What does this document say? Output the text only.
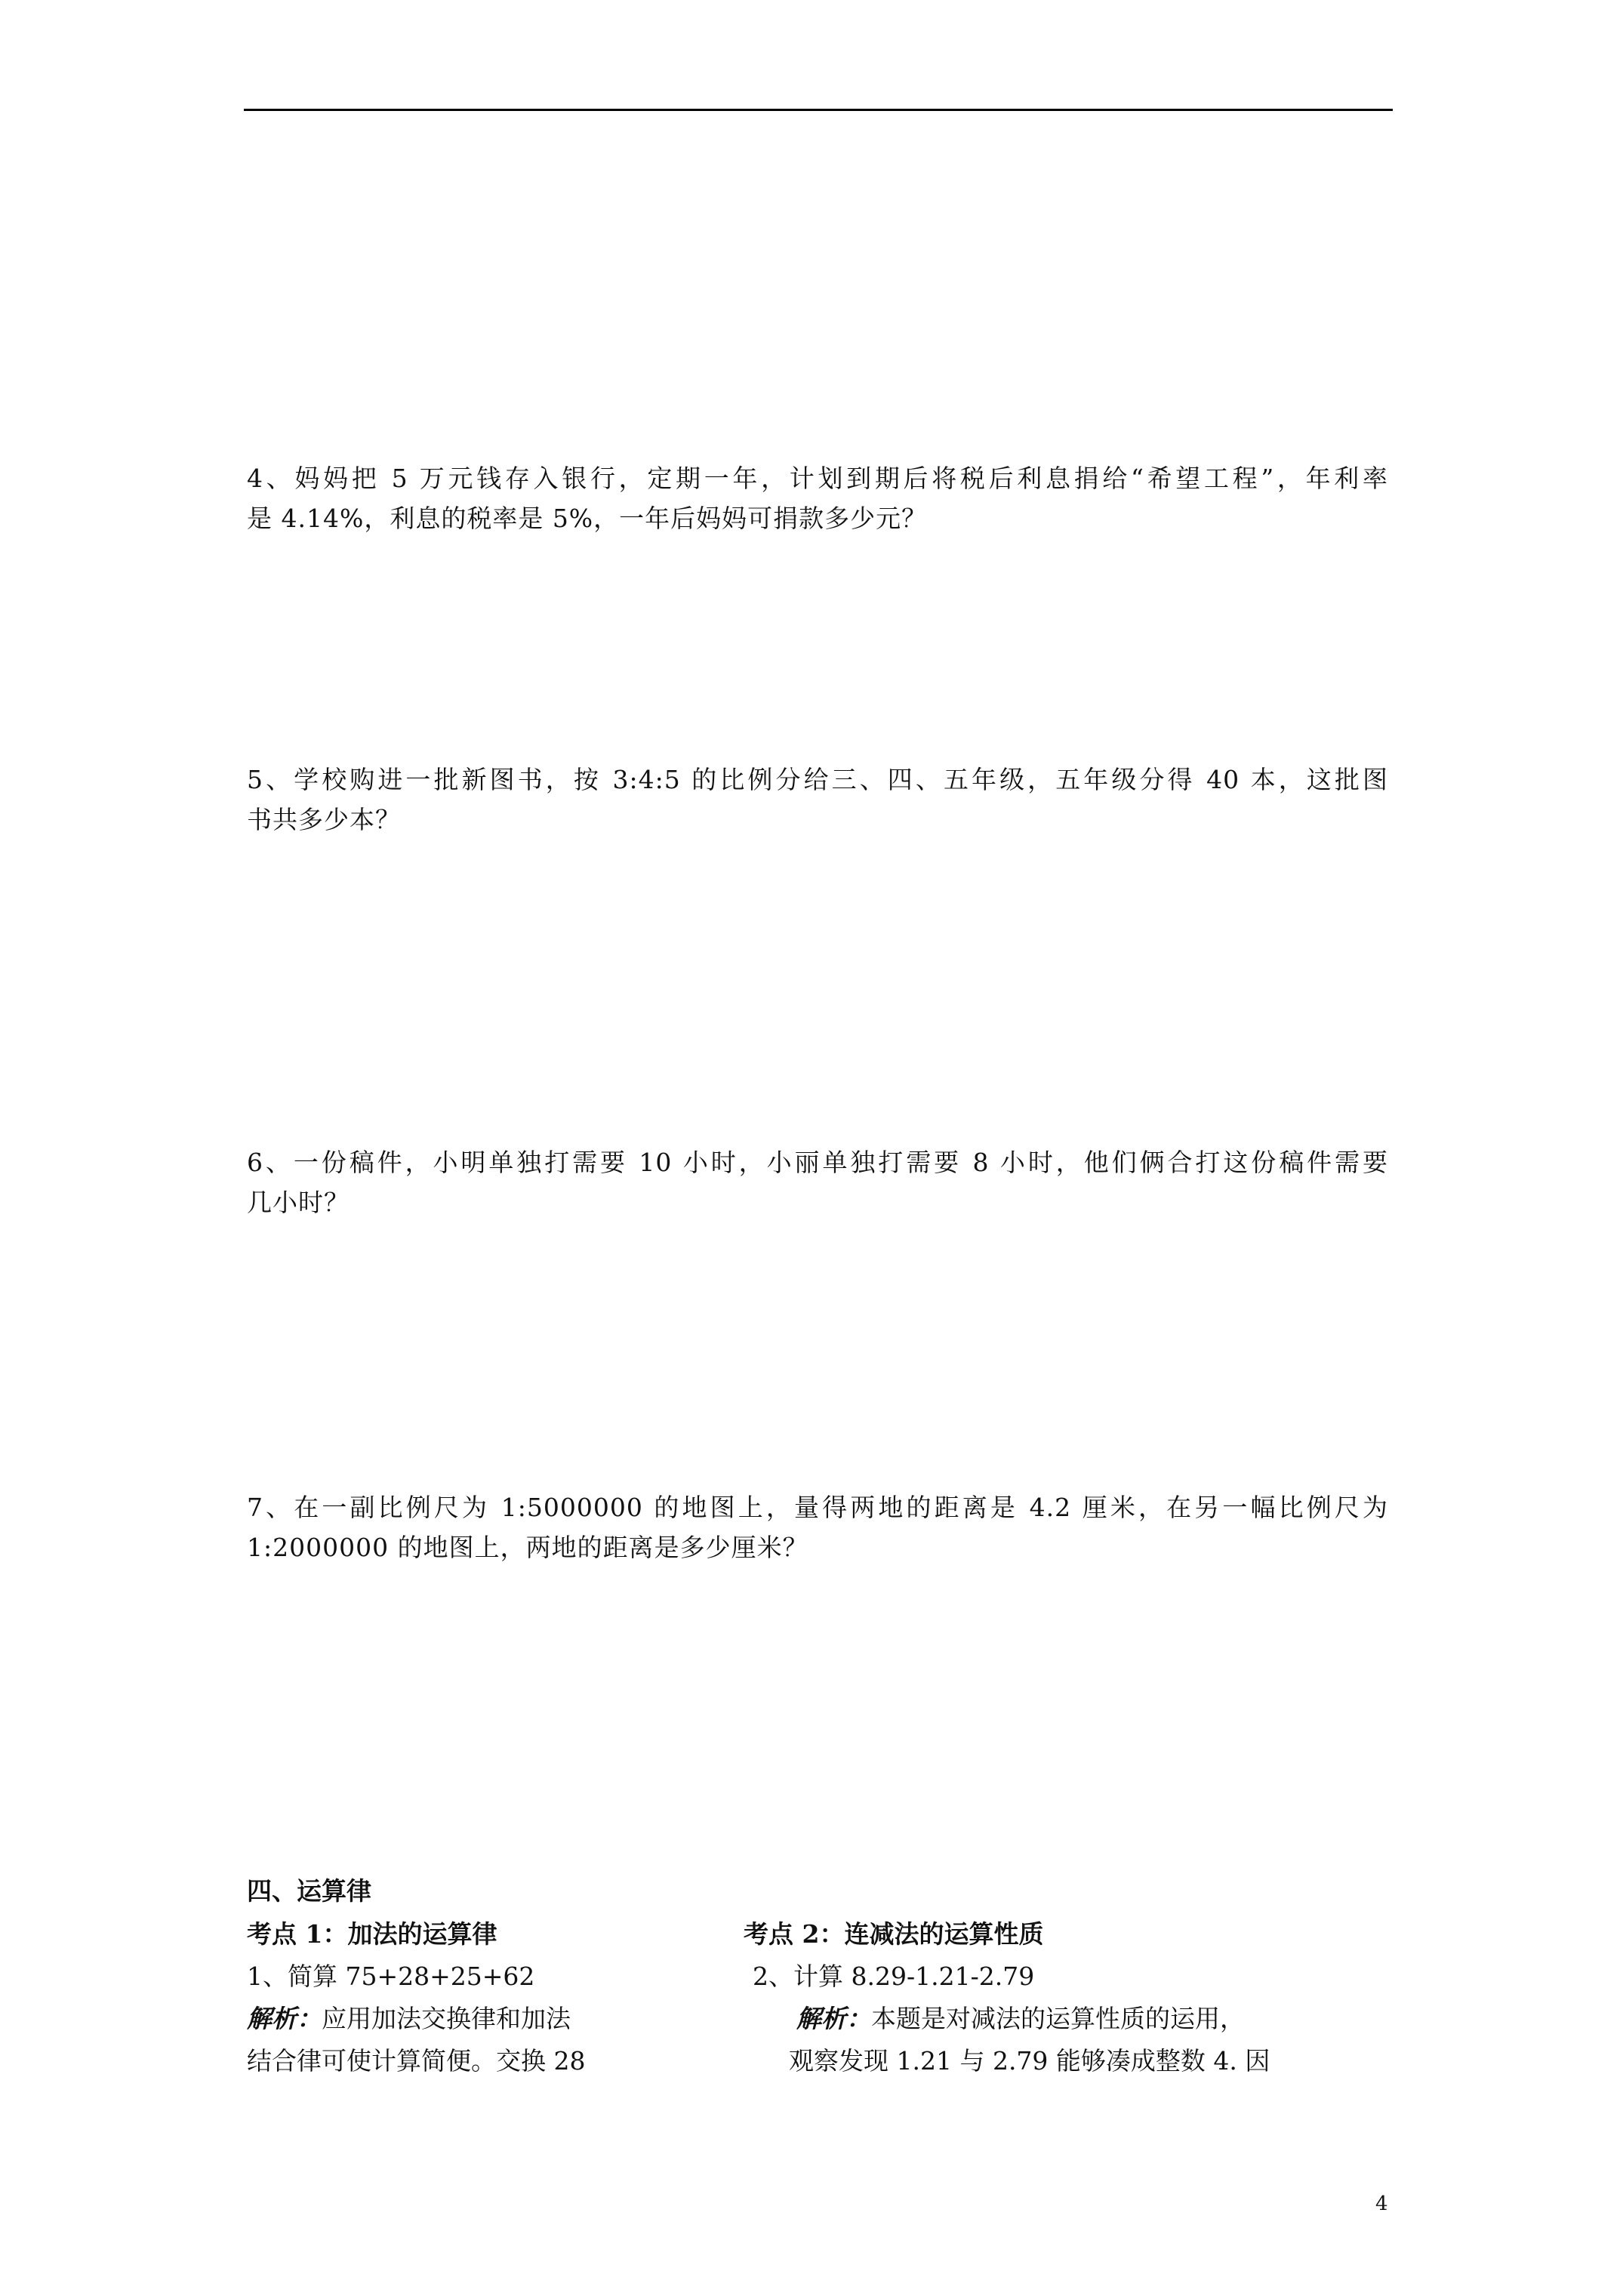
4、妈妈把 5 万元钱存入银行，定期一年，计划到期后将税后利息捐给“希望工程”，年利率
是 4.14%，利息的税率是 5%，一年后妈妈可捐款多少元？
5、学校购进一批新图书，按 3:4:5 的比例分给三、四、五年级，五年级分得 40 本，这批图
书共多少本？
6、一份稿件，小明单独打需要 10 小时，小丽单独打需要 8 小时，他们俩合打这份稿件需要
几小时？
7、在一副比例尺为 1:5000000 的地图上，量得两地的距离是 4.2 厘米，在另一幅比例尺为
1:2000000 的地图上，两地的距离是多少厘米？
四、运算律
考点 1：加法的运算律
1、简算 75+28+25+62
解析：应用加法交换律和加法
结合律可使计算简便。交换 28
考点 2：连减法的运算性质
2、计算 8.29-1.21-2.79
解析：本题是对减法的运算性质的运用，
观察发现 1.21 与 2.79 能够凑成整数 4. 因
4
